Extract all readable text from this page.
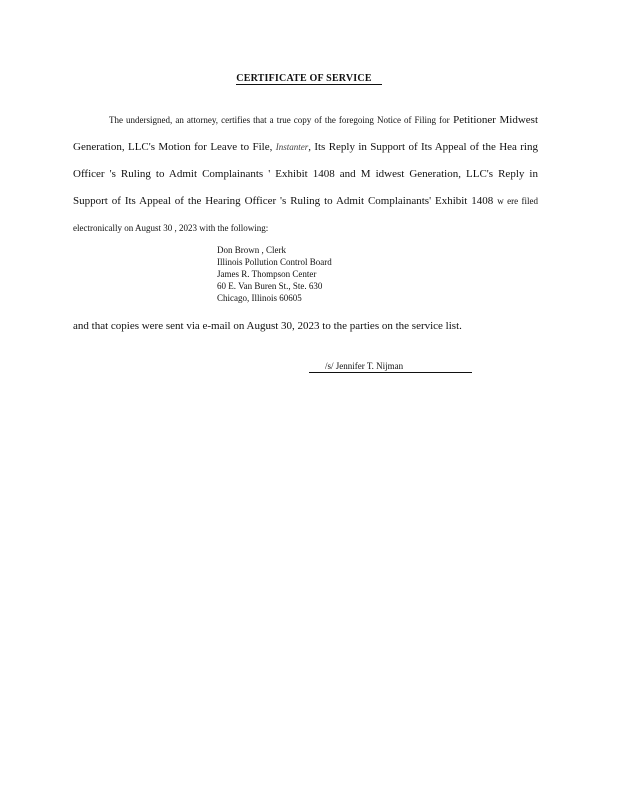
CERTIFICATE OF SERVICE
The undersigned, an attorney, certifies that a true copy of the foregoing Notice of Filing for Petitioner Midwest Generation, LLC's Motion for Leave to File, Instanter, Its Reply in Support of Its Appeal of the Hea ring Officer 's Ruling to Admit Complainants ' Exhibit 1408 and M idwest Generation, LLC's Reply in Support of Its Appeal of the Hearing Officer 's Ruling to Admit Complainants' Exhibit 1408 w ere filed electronically on August 30 , 2023 with the following:
Don Brown , Clerk
Illinois Pollution Control Board
James R. Thompson Center
60 E. Van Buren St., Ste. 630
Chicago, Illinois 60605
and that copies were sent via e-mail on August 30, 2023 to the parties on the service list.
/s/ Jennifer T. Nijman
